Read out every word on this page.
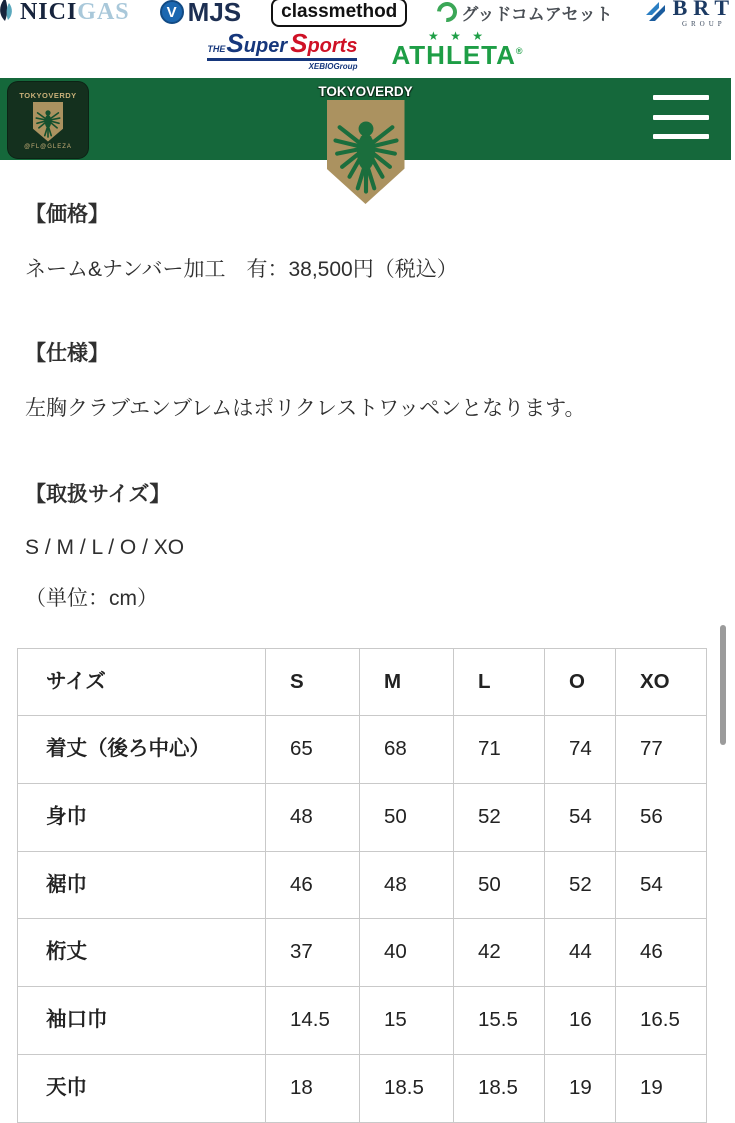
NICIGAS	V MJS	classmethod	グッドコムアセット	BRT
GROUP
THE Super Sports
XEBIOGroup
★ ★ ★
ATHLETA®
TOKYOVERDY
@FL@GLEZA
TOKYOVERDY
【価格】
ネーム&ナンバー加工　有：38,500円（税込）
【仕様】
左胸クラブエンブレムはポリクレストワッペンとなります。
【取扱サイズ】
S / M / L / O / XO
（単位：cm）
サイズ	S	M	L	O	XO
着丈（後ろ中心）	65	68	71	74	77
身巾	48	50	52	54	56
裾巾	46	48	50	52	54
桁丈	37	40	42	44	46
袖口巾	14.5	15	15.5	16	16.5
天巾	18	18.5	18.5	19	19
